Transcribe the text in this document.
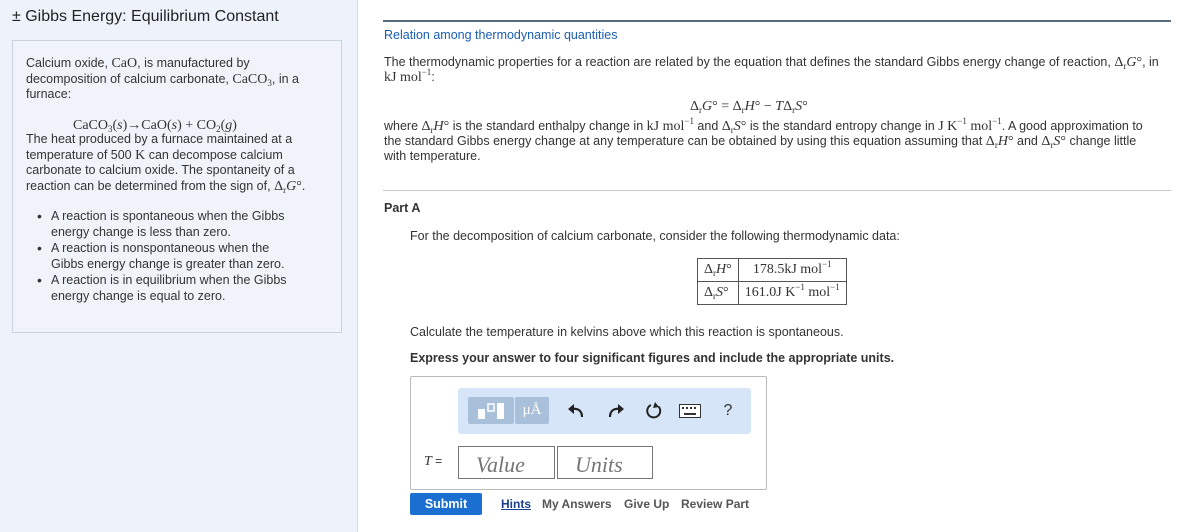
± Gibbs Energy: Equilibrium Constant
Calcium oxide, CaO, is manufactured by decomposition of calcium carbonate, CaCO$_3$, in a furnace:
CaCO$_3$(s)→CaO(s) + $CO_2(g)$
The heat produced by a furnace maintained at a temperature of 500 K can decompose calcium carbonate to calcium oxide. The spontaneity of a reaction can be determined from the sign of, $\Delta_rG^\circ$.
• A reaction is spontaneous when the Gibbs energy change is less than zero.
• A reaction is nonspontaneous when the Gibbs energy change is greater than zero.
• A reaction is in equilibrium when the Gibbs energy change is equal to zero.
Relation among thermodynamic quantities
The thermodynamic properties for a reaction are related by the equation that defines the standard Gibbs energy change of reaction, $\Delta_rG^\circ$, in kJ mol$^{-1}$:
$\Delta_rG^\circ = \Delta_rH^\circ - T\Delta_rS^\circ$
where $\Delta_rH^\circ$ is the standard enthalpy change in kJ mol$^{-1}$ and $\Delta_rS^\circ$ is the standard entropy change in J $K^{-1}$ mol$^{-1}$. A good approximation to the standard Gibbs energy change at any temperature can be obtained by using this equation assuming that $\Delta_rH^\circ$ and $\Delta_rS^\circ$ change little with temperature.
Part A
For the decomposition of calcium carbonate, consider the following thermodynamic data:
$\Delta_rH^\circ$	178.5kJ mol$^{-1}$
$\Delta_rS^\circ$	161.0J $K^{-1}$ mol$^{-1}$
Calculate the temperature in kelvins above which this reaction is spontaneous.
Express your answer to four significant figures and include the appropriate units.
μÅ	?
T =
Value
Units
Submit	Hints My Answers Give Up Review Part
